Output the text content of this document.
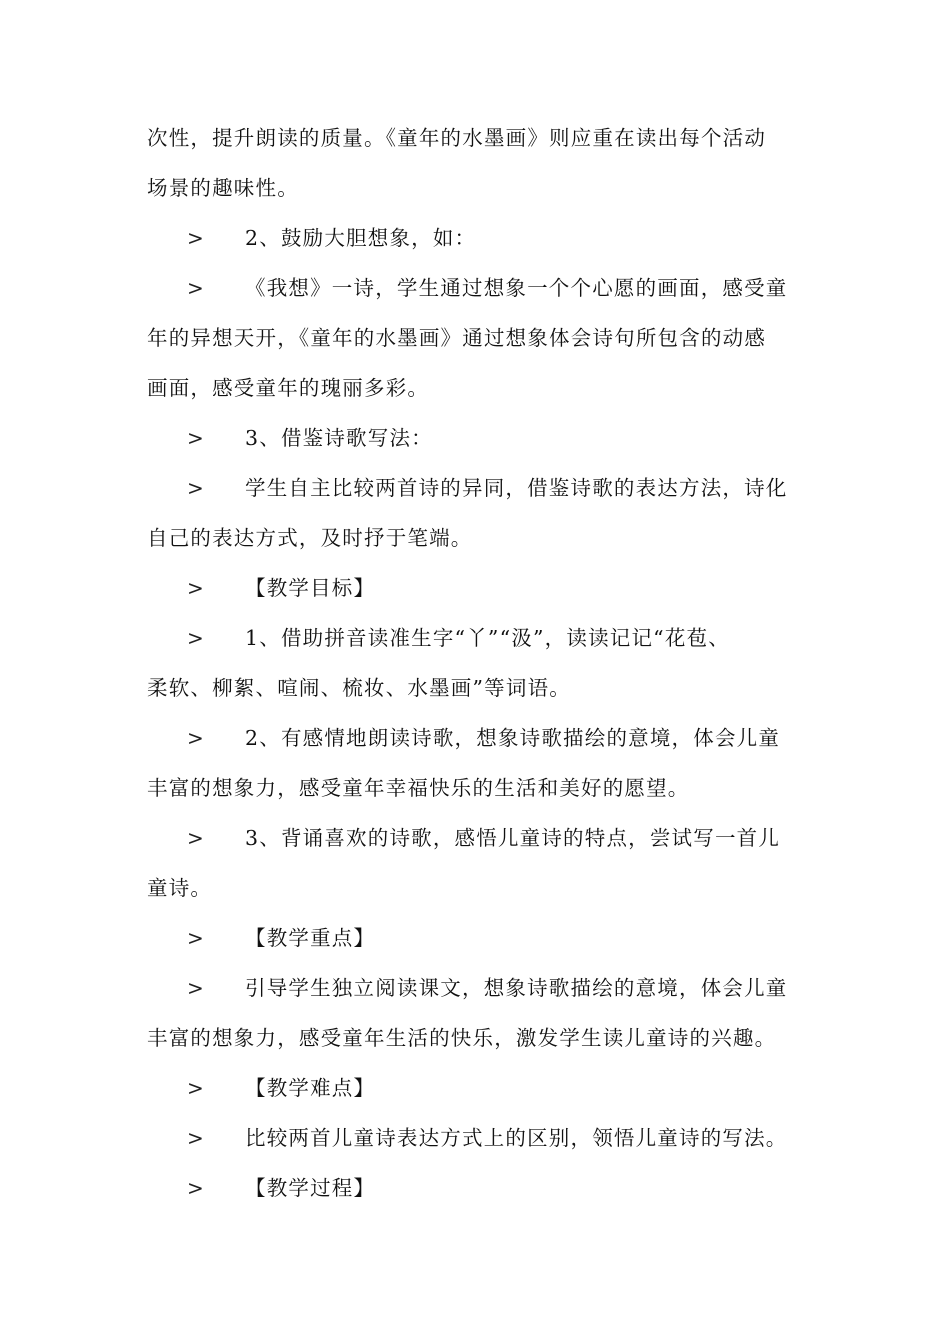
次性，提升朗读的质量。《童年的水墨画》则应重在读出每个活动
场景的趣味性。
> 2、鼓励大胆想象，如：
> 《我想》一诗，学生通过想象一个个心愿的画面，感受童
年的异想天开，《童年的水墨画》通过想象体会诗句所包含的动感
画面，感受童年的瑰丽多彩。
> 3、借鉴诗歌写法：
> 学生自主比较两首诗的异同，借鉴诗歌的表达方法，诗化
自己的表达方式，及时抒于笔端。
> 【教学目标】
> 1、借助拼音读准生字“丫”“汲”，读读记记“花苞、
柔软、柳絮、喧闹、梳妆、水墨画”等词语。
> 2、有感情地朗读诗歌，想象诗歌描绘的意境，体会儿童
丰富的想象力，感受童年幸福快乐的生活和美好的愿望。
> 3、背诵喜欢的诗歌，感悟儿童诗的特点，尝试写一首儿
童诗。
> 【教学重点】
> 引导学生独立阅读课文，想象诗歌描绘的意境，体会儿童
丰富的想象力，感受童年生活的快乐，激发学生读儿童诗的兴趣。
> 【教学难点】
> 比较两首儿童诗表达方式上的区别，领悟儿童诗的写法。
> 【教学过程】
